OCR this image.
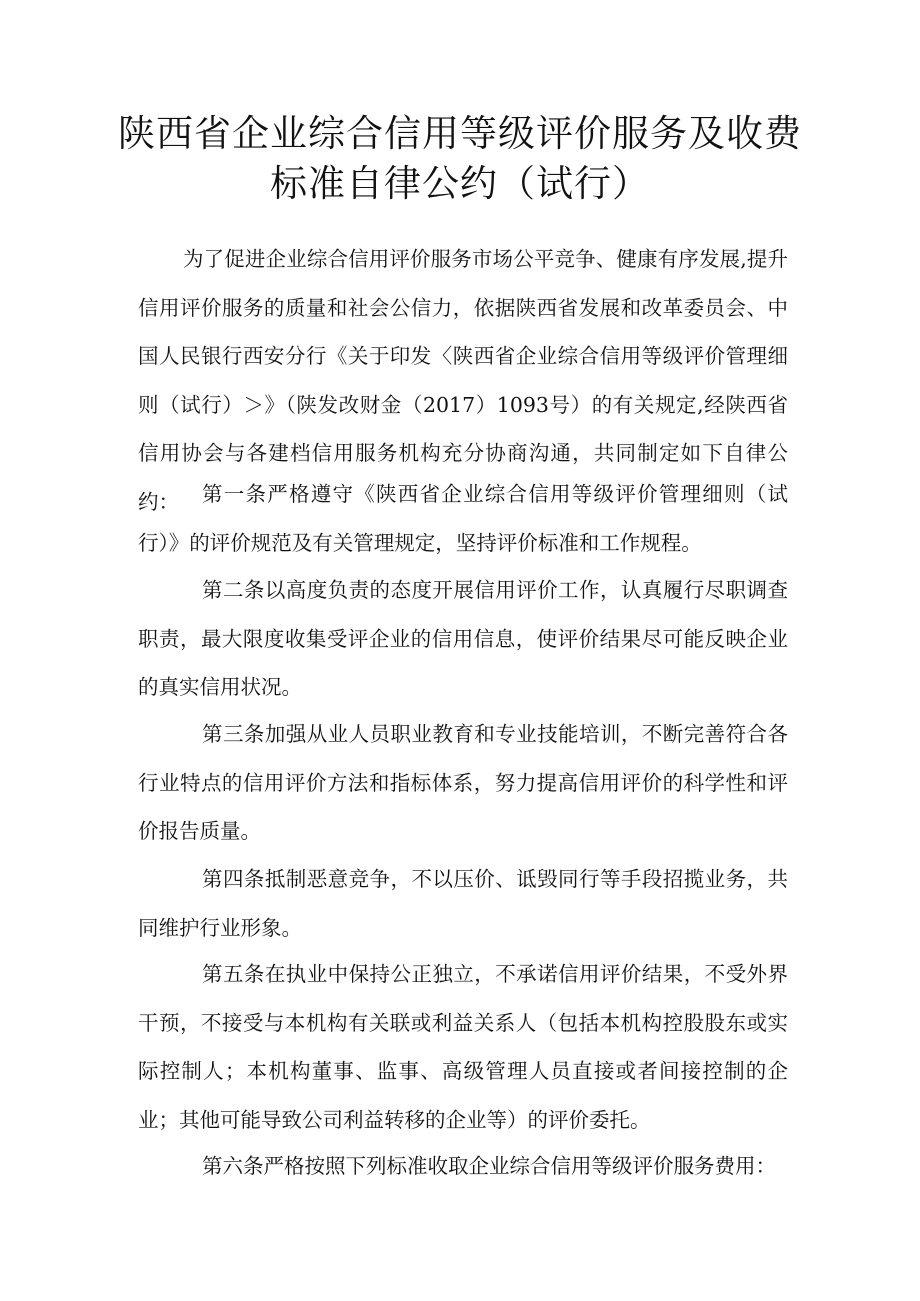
陕西省企业综合信用等级评价服务及收费
标准自律公约（试行）

为了促进企业综合信用评价服务市场公平竞争、健康有序发展,提升信用评价服务的质量和社会公信力，依据陕西省发展和改革委员会、中国人民银行西安分行《关于印发〈陕西省企业综合信用等级评价管理细则（试行）＞》（陕发改财金（2017）1093号）的有关规定,经陕西省信用协会与各建档信用服务机构充分协商沟通，共同制定如下自律公约：	第一条严格遵守《陕西省企业综合信用等级评价管理细则（试行）》的评价规范及有关管理规定，坚持评价标准和工作规程。

第二条以高度负责的态度开展信用评价工作，认真履行尽职调查职责，最大限度收集受评企业的信用信息，使评价结果尽可能反映企业的真实信用状况。

第三条加强从业人员职业教育和专业技能培训，不断完善符合各行业特点的信用评价方法和指标体系，努力提高信用评价的科学性和评价报告质量。

第四条抵制恶意竞争，不以压价、诋毁同行等手段招揽业务，共同维护行业形象。

第五条在执业中保持公正独立，不承诺信用评价结果，不受外界干预，不接受与本机构有关联或利益关系人（包括本机构控股股东或实际控制人；本机构董事、监事、高级管理人员直接或者间接控制的企业；其他可能导致公司利益转移的企业等）的评价委托。

第六条严格按照下列标准收取企业综合信用等级评价服务费用：
